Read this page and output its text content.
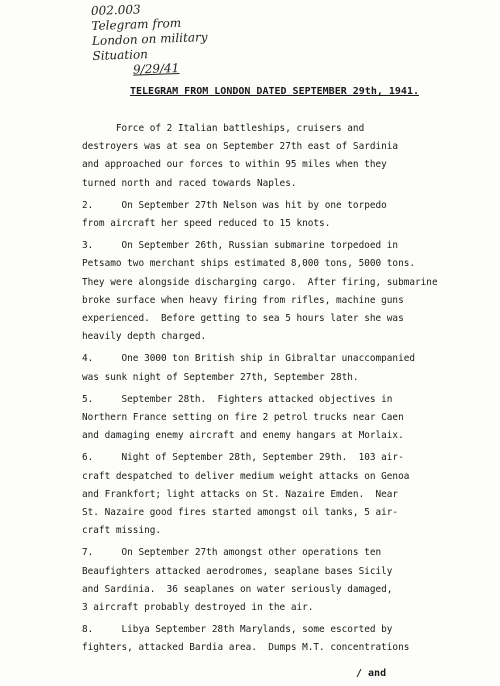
002.003
Telegram from
London on military
Situation
9/29/41
TELEGRAM FROM LONDON DATED SEPTEMBER 29th, 1941.
Force of 2 Italian battleships, cruisers and
destroyers was at sea on September 27th east of Sardinia
and approached our forces to within 95 miles when they
turned north and raced towards Naples.
2.     On September 27th Nelson was hit by one torpedo
from aircraft her speed reduced to 15 knots.
3.     On September 26th, Russian submarine torpedoed in
Petsamo two merchant ships estimated 8,000 tons, 5000 tons.
They were alongside discharging cargo.  After firing, submarine
broke surface when heavy firing from rifles, machine guns
experienced.  Before getting to sea 5 hours later she was
heavily depth charged.
4.     One 3000 ton British ship in Gibraltar unaccompanied
was sunk night of September 27th, September 28th.
5.     September 28th.  Fighters attacked objectives in
Northern France setting on fire 2 petrol trucks near Caen
and damaging enemy aircraft and enemy hangars at Morlaix.
6.     Night of September 28th, September 29th.  103 air-
craft despatched to deliver medium weight attacks on Genoa
and Frankfort; light attacks on St. Nazaire Emden.  Near
St. Nazaire good fires started amongst oil tanks, 5 air-
craft missing.
7.     On September 27th amongst other operations ten
Beaufighters attacked aerodromes, seaplane bases Sicily
and Sardinia.  36 seaplanes on water seriously damaged,
3 aircraft probably destroyed in the air.
8.     Libya September 28th Marylands, some escorted by
fighters, attacked Bardia area.  Dumps M.T. concentrations
/ and
